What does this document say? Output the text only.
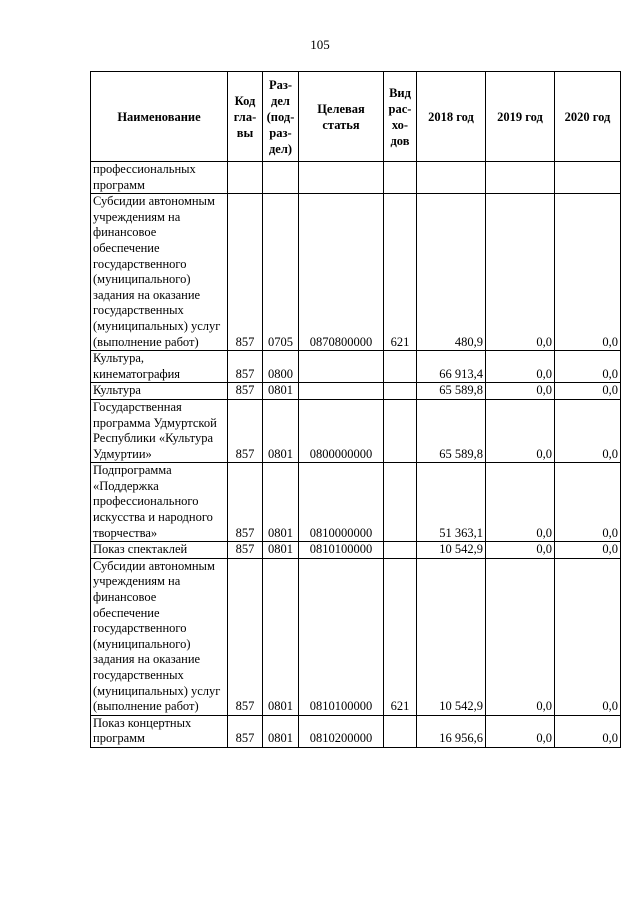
105
Наименование	Код гла-вы	Раз-дел (под-раз-дел)	Целевая статья	Вид рас-хо-дов	2018 год	2019 год	2020 год
профессиональных программ							
Субсидии автономным учреждениям на финансовое обеспечение государственного (муниципального) задания на оказание государственных (муниципальных) услуг (выполнение работ)	857	0705	0870800000	621	480,9	0,0	0,0
Культура, кинематография	857	0800			66 913,4	0,0	0,0
Культура	857	0801			65 589,8	0,0	0,0
Государственная программа Удмуртской Республики «Культура Удмуртии»	857	0801	0800000000		65 589,8	0,0	0,0
Подпрограмма «Поддержка профессионального искусства и народного творчества»	857	0801	0810000000		51 363,1	0,0	0,0
Показ спектаклей	857	0801	0810100000		10 542,9	0,0	0,0
Субсидии автономным учреждениям на финансовое обеспечение государственного (муниципального) задания на оказание государственных (муниципальных) услуг (выполнение работ)	857	0801	0810100000	621	10 542,9	0,0	0,0
Показ концертных программ	857	0801	0810200000		16 956,6	0,0	0,0
